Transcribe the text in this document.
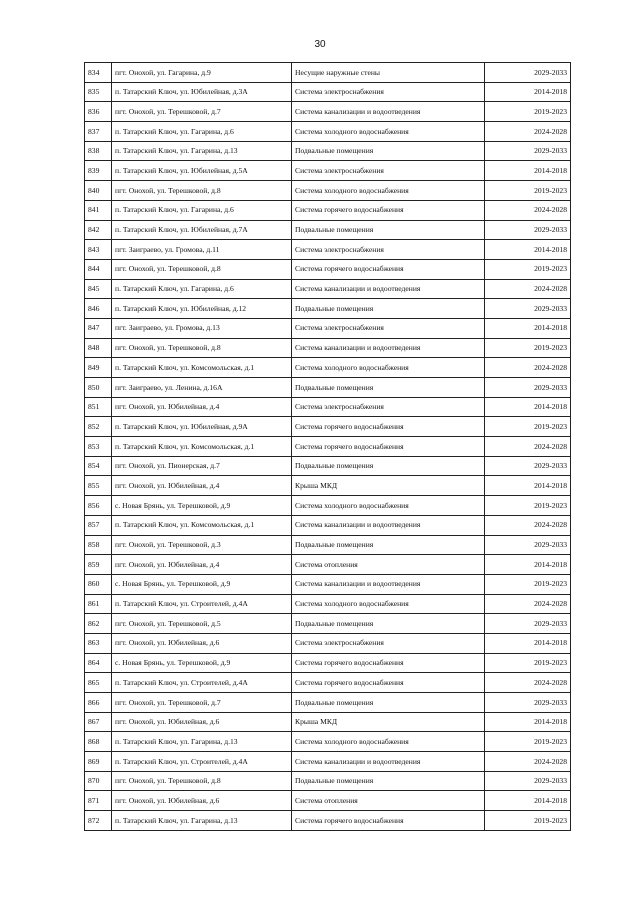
30
834	пгт. Онохой, ул. Гагарина, д.9	Несущие наружные стены	2029-2033
835	п. Татарский Ключ, ул. Юбилейная, д.3А	Система электроснабжения	2014-2018
836	пгт. Онохой, ул. Терешковой, д.7	Система канализации и водоотведения	2019-2023
837	п. Татарский Ключ, ул. Гагарина, д.6	Система холодного водоснабжения	2024-2028
838	п. Татарский Ключ, ул. Гагарина, д.13	Подвальные помещения	2029-2033
839	п. Татарский Ключ, ул. Юбилейная, д.5А	Система электроснабжения	2014-2018
840	пгт. Онохой, ул. Терешковой, д.8	Система холодного водоснабжения	2019-2023
841	п. Татарский Ключ, ул. Гагарина, д.6	Система горячего водоснабжения	2024-2028
842	п. Татарский Ключ, ул. Юбилейная, д.7А	Подвальные помещения	2029-2033
843	пгт. Заиграево, ул. Громова, д.11	Система электроснабжения	2014-2018
844	пгт. Онохой, ул. Терешковой, д.8	Система горячего водоснабжения	2019-2023
845	п. Татарский Ключ, ул. Гагарина, д.6	Система канализации и водоотведения	2024-2028
846	п. Татарский Ключ, ул. Юбилейная, д.12	Подвальные помещения	2029-2033
847	пгт. Заиграево, ул. Громова, д.13	Система электроснабжения	2014-2018
848	пгт. Онохой, ул. Терешковой, д.8	Система канализации и водоотведения	2019-2023
849	п. Татарский Ключ, ул. Комсомольская, д.1	Система холодного водоснабжения	2024-2028
850	пгт. Заиграево, ул. Ленина, д.16А	Подвальные помещения	2029-2033
851	пгт. Онохой, ул. Юбилейная, д.4	Система электроснабжения	2014-2018
852	п. Татарский Ключ, ул. Юбилейная, д.9А	Система горячего водоснабжения	2019-2023
853	п. Татарский Ключ, ул. Комсомольская, д.1	Система горячего водоснабжения	2024-2028
854	пгт. Онохой, ул. Пионерская, д.7	Подвальные помещения	2029-2033
855	пгт. Онохой, ул. Юбилейная, д.4	Крыша МКД	2014-2018
856	с. Новая Брянь, ул. Терешковой, д.9	Система холодного водоснабжения	2019-2023
857	п. Татарский Ключ, ул. Комсомольская, д.1	Система канализации и водоотведения	2024-2028
858	пгт. Онохой, ул. Терешковой, д.3	Подвальные помещения	2029-2033
859	пгт. Онохой, ул. Юбилейная, д.4	Система отопления	2014-2018
860	с. Новая Брянь, ул. Терешковой, д.9	Система канализации и водоотведения	2019-2023
861	п. Татарский Ключ, ул. Строителей, д.4А	Система холодного водоснабжения	2024-2028
862	пгт. Онохой, ул. Терешковой, д.5	Подвальные помещения	2029-2033
863	пгт. Онохой, ул. Юбилейная, д.6	Система электроснабжения	2014-2018
864	с. Новая Брянь, ул. Терешковой, д.9	Система горячего водоснабжения	2019-2023
865	п. Татарский Ключ, ул. Строителей, д.4А	Система горячего водоснабжения	2024-2028
866	пгт. Онохой, ул. Терешковой, д.7	Подвальные помещения	2029-2033
867	пгт. Онохой, ул. Юбилейная, д.6	Крыша МКД	2014-2018
868	п. Татарский Ключ, ул. Гагарина, д.13	Система холодного водоснабжения	2019-2023
869	п. Татарский Ключ, ул. Строителей, д.4А	Система канализации и водоотведения	2024-2028
870	пгт. Онохой, ул. Терешковой, д.8	Подвальные помещения	2029-2033
871	пгт. Онохой, ул. Юбилейная, д.6	Система отопления	2014-2018
872	п. Татарский Ключ, ул. Гагарина, д.13	Система горячего водоснабжения	2019-2023
